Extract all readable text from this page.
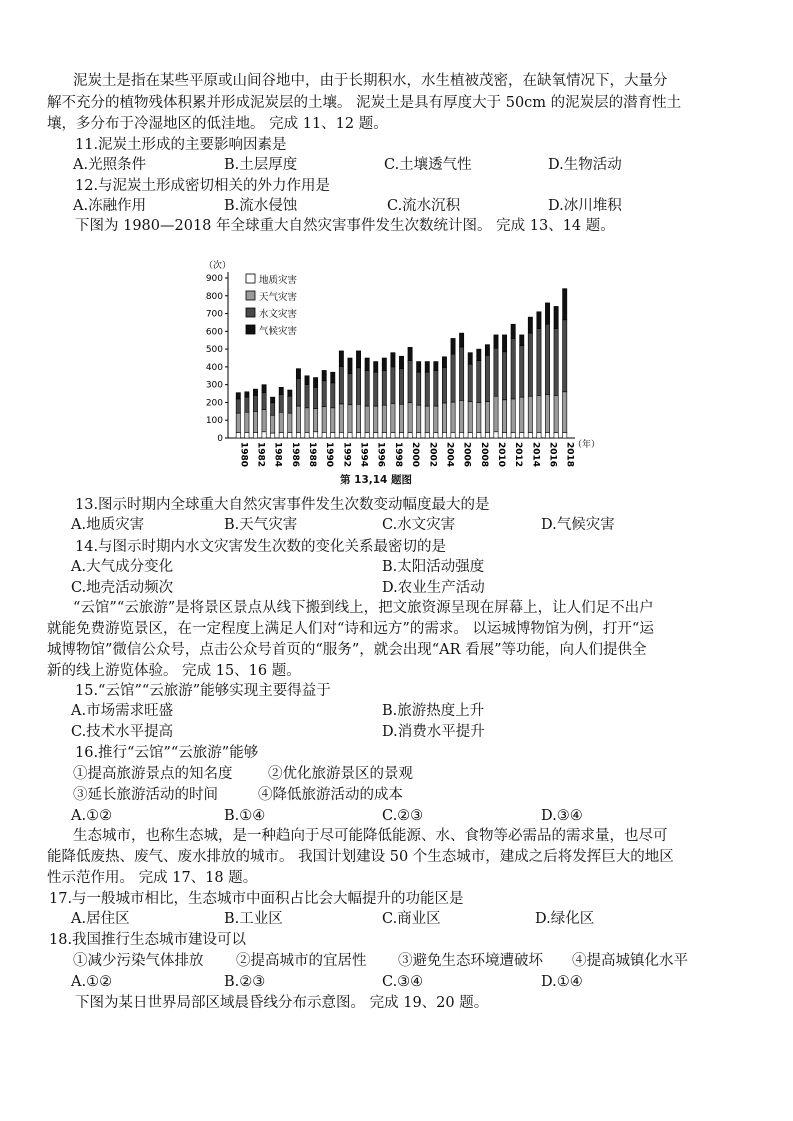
泥炭土是指在某些平原或山间谷地中，由于长期积水，水生植被茂密，在缺氧情况下，大量分
解不充分的植物残体积累并形成泥炭层的土壤。 泥炭土是具有厚度大于 50cm 的泥炭层的潜育性土
壤，多分布于冷湿地区的低洼地。 完成 11、12 题。
11.泥炭土形成的主要影响因素是
A.光照条件	B.土层厚度	C.土壤透气性	D.生物活动
12.与泥炭土形成密切相关的外力作用是
A.冻融作用	B.流水侵蚀	C.流水沉积	D.冰川堆积
下图为 1980—2018 年全球重大自然灾害事件发生次数统计图。 完成 13、14 题。
（次）
0
100
200
300
400
500
600
700
800
900
1980 1982 1984 1986 1988 1990 1992 1994 1996 1998 2000 2002 2004 2006 2008 2010 2012 2014 2016 2018
（年）
地质灾害
天气灾害
水文灾害
气候灾害
第 13,14 题图
13.图示时期内全球重大自然灾害事件发生次数变动幅度最大的是
A.地质灾害	B.天气灾害	C.水文灾害	D.气候灾害
14.与图示时期内水文灾害发生次数的变化关系最密切的是
A.大气成分变化	B.太阳活动强度
C.地壳活动频次	D.农业生产活动
“云馆”“云旅游”是将景区景点从线下搬到线上，把文旅资源呈现在屏幕上，让人们足不出户
就能免费游览景区，在一定程度上满足人们对“诗和远方”的需求。 以运城博物馆为例，打开“运
城博物馆”微信公众号，点击公众号首页的“服务”，就会出现“AR 看展”等功能，向人们提供全
新的线上游览体验。 完成 15、16 题。
15.“云馆”“云旅游”能够实现主要得益于
A.市场需求旺盛	B.旅游热度上升
C.技术水平提高	D.消费水平提升
16.推行“云馆”“云旅游”能够
①提高旅游景点的知名度 ②优化旅游景区的景观
③延长旅游活动的时间	④降低旅游活动的成本
A.①②	B.①④	C.②③	D.③④
生态城市，也称生态城，是一种趋向于尽可能降低能源、水、食物等必需品的需求量，也尽可
能降低废热、废气、废水排放的城市。 我国计划建设 50 个生态城市，建成之后将发挥巨大的地区
性示范作用。 完成 17、18 题。
17.与一般城市相比，生态城市中面积占比会大幅提升的功能区是
A.居住区	B.工业区	C.商业区	D.绿化区
18.我国推行生态城市建设可以
①减少污染气体排放 ②提高城市的宜居性 ③避免生态环境遭破坏 ④提高城镇化水平
A.①②	B.②③	C.③④	D.①④
下图为某日世界局部区域晨昏线分布示意图。 完成 19、20 题。
